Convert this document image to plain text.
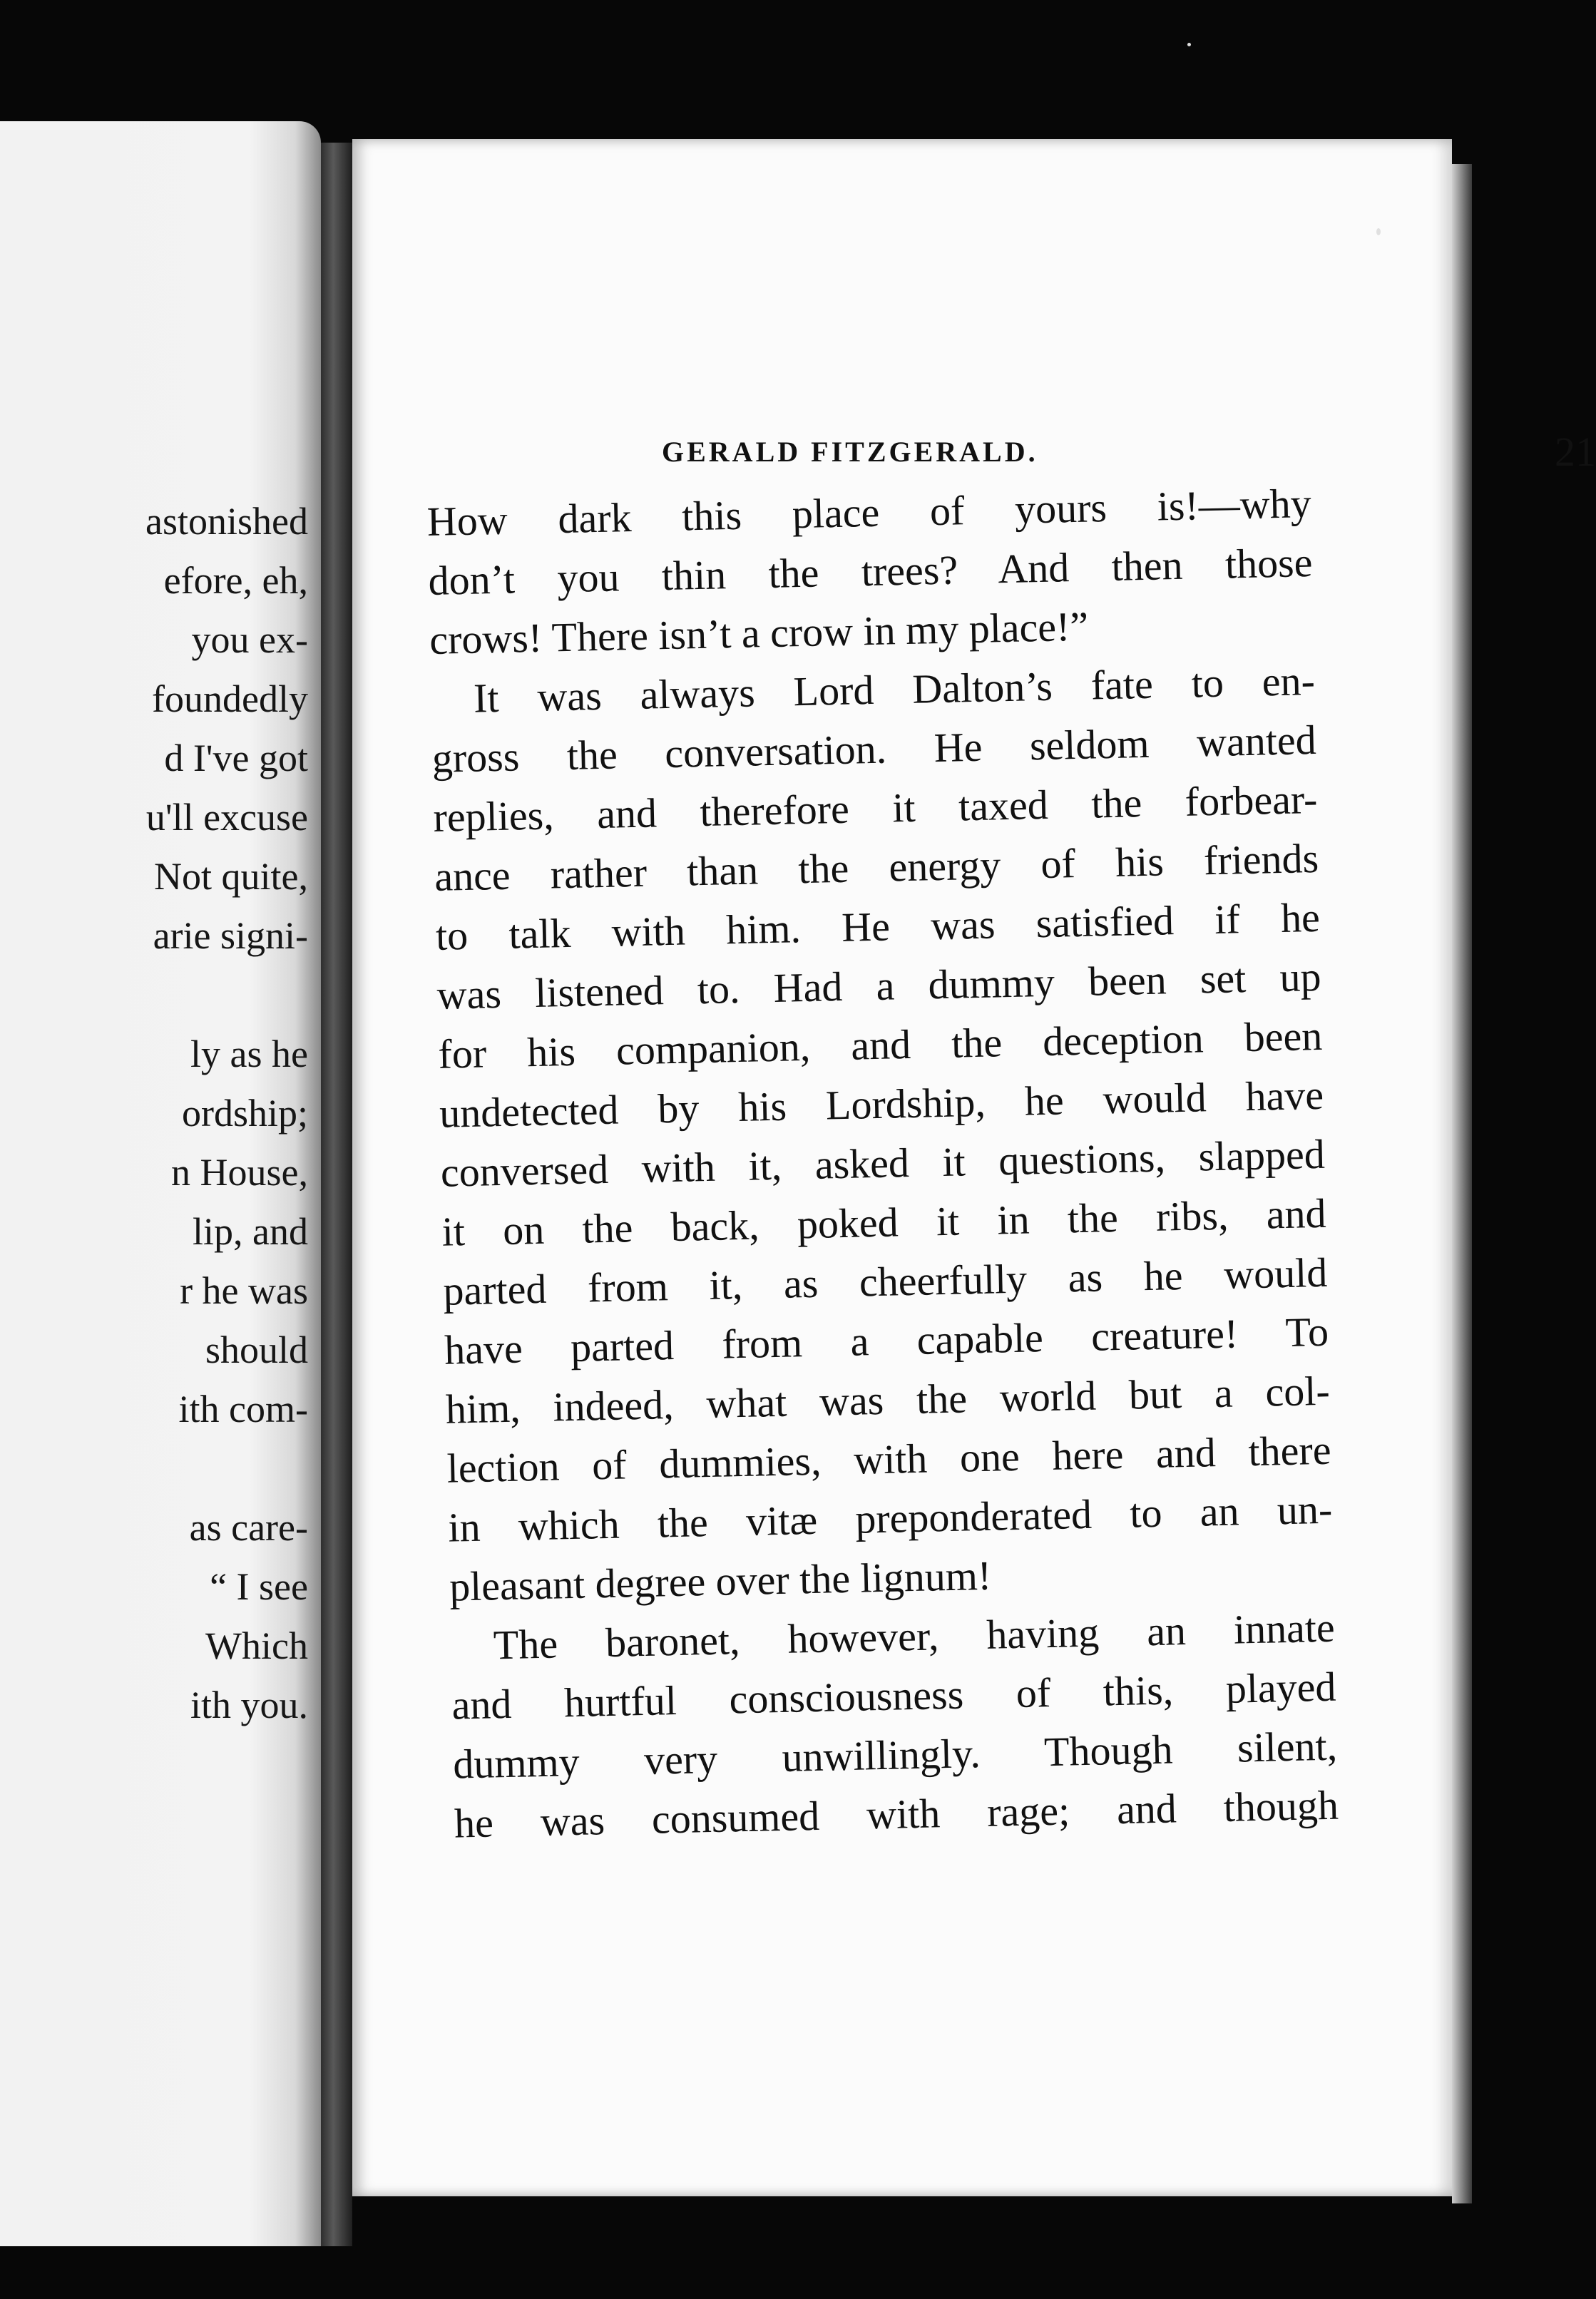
astonished
efore, eh,
you ex-
foundedly
d I've got
u'll excuse
Not quite,
arie signi-
ly as he
ordship;
n House,
lip, and
r he was
should
ith com-
as care-
“ I see
Which
ith you.
GERALD FITZGERALD.	21
How dark this place of yours is!—why
don’t you thin the trees? And then those
crows! There isn’t a crow in my place!”
It was always Lord Dalton’s fate to en-
gross the conversation. He seldom wanted
replies, and therefore it taxed the forbear-
ance rather than the energy of his friends
to talk with him. He was satisfied if he
was listened to. Had a dummy been set up
for his companion, and the deception been
undetected by his Lordship, he would have
conversed with it, asked it questions, slapped
it on the back, poked it in the ribs, and
parted from it, as cheerfully as he would
have parted from a capable creature! To
him, indeed, what was the world but a col-
lection of dummies, with one here and there
in which the vitæ preponderated to an un-
pleasant degree over the lignum!
The baronet, however, having an innate
and hurtful consciousness of this, played
dummy very unwillingly. Though silent,
he was consumed with rage; and though
